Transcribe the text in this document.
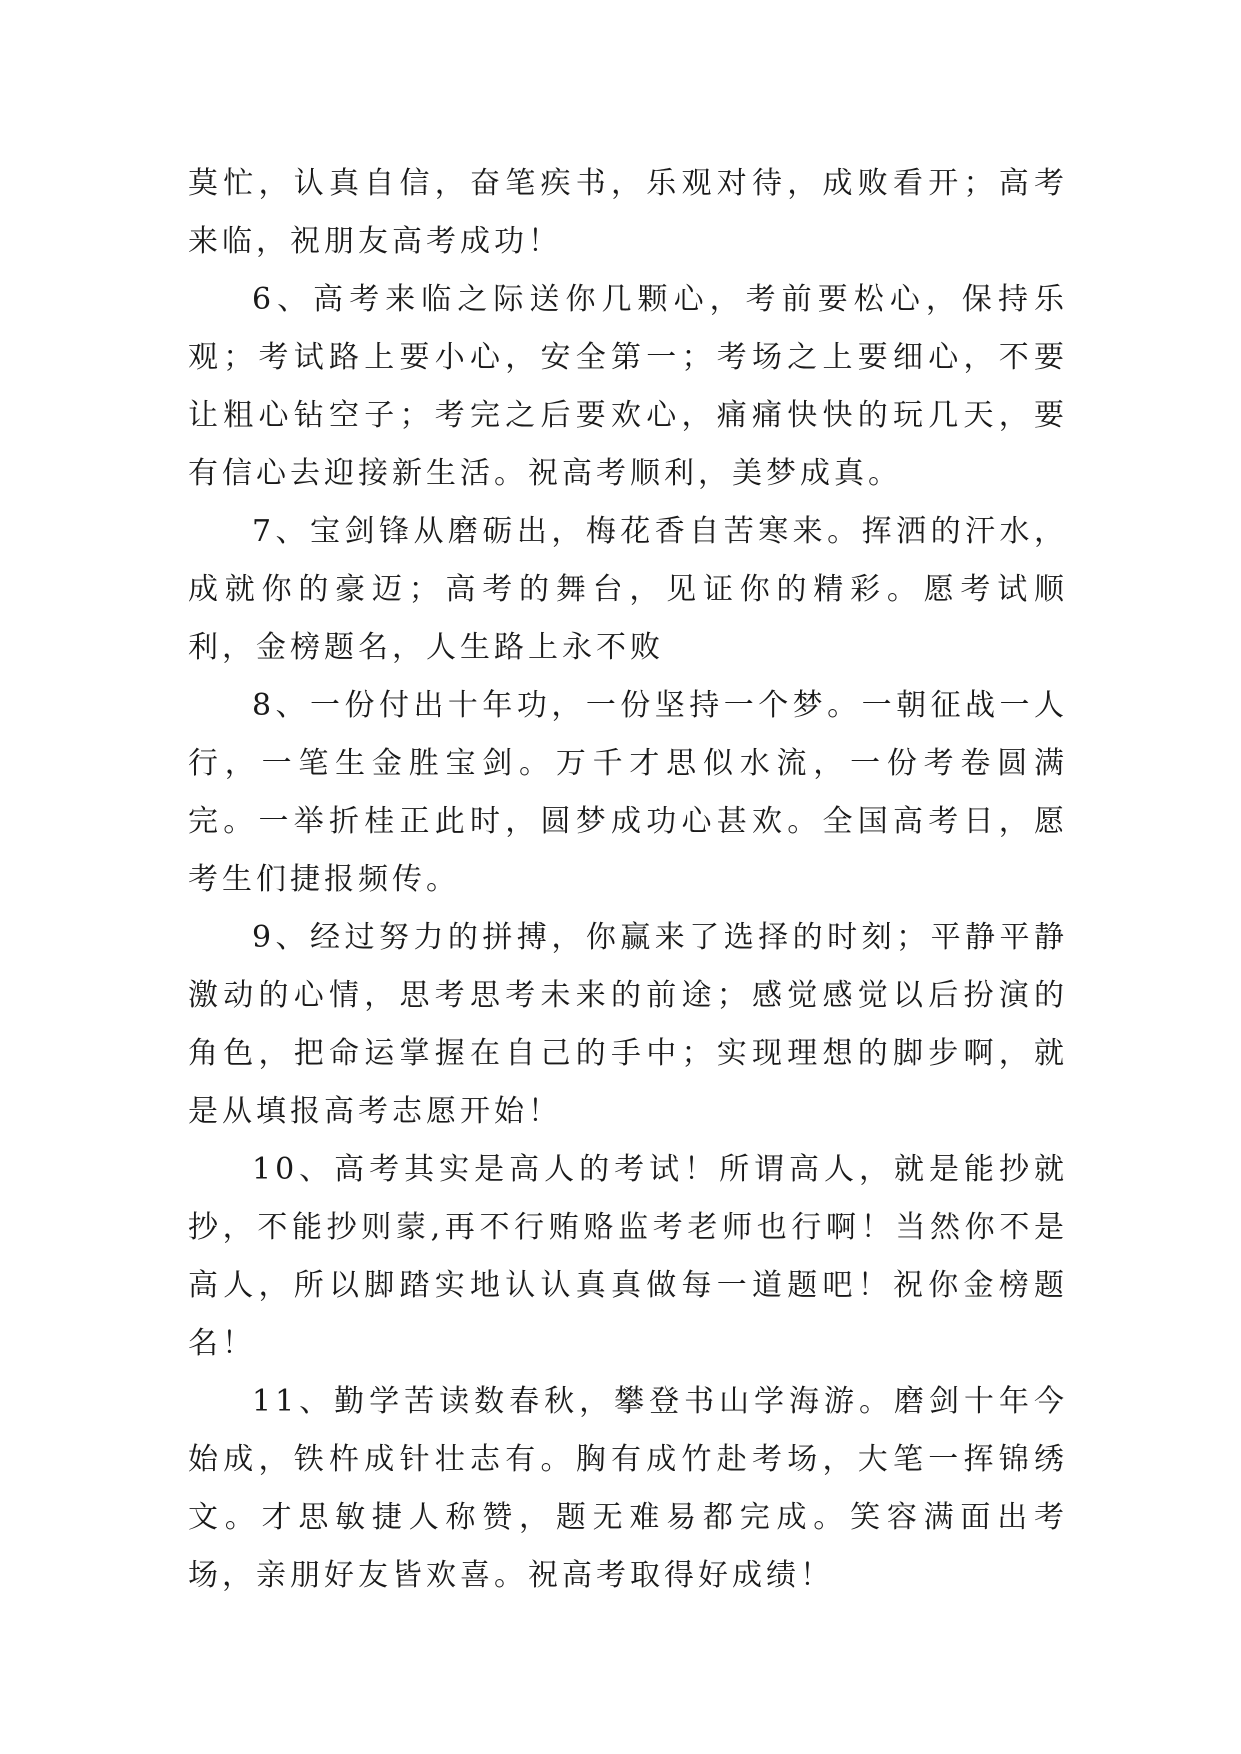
莫忙，认真自信，奋笔疾书，乐观对待，成败看开；高考来临，祝朋友高考成功！

6、高考来临之际送你几颗心，考前要松心，保持乐观；考试路上要小心，安全第一；考场之上要细心，不要让粗心钻空子；考完之后要欢心，痛痛快快的玩几天，要有信心去迎接新生活。祝高考顺利，美梦成真。

7、宝剑锋从磨砺出，梅花香自苦寒来。挥洒的汗水，成就你的豪迈；高考的舞台，见证你的精彩。愿考试顺利，金榜题名，人生路上永不败

8、一份付出十年功，一份坚持一个梦。一朝征战一人行，一笔生金胜宝剑。万千才思似水流，一份考卷圆满完。一举折桂正此时，圆梦成功心甚欢。全国高考日，愿考生们捷报频传。

9、经过努力的拼搏，你赢来了选择的时刻；平静平静激动的心情，思考思考未来的前途；感觉感觉以后扮演的角色，把命运掌握在自己的手中；实现理想的脚步啊，就是从填报高考志愿开始！

10、高考其实是高人的考试！所谓高人，就是能抄就抄，不能抄则蒙,再不行贿赂监考老师也行啊！当然你不是高人，所以脚踏实地认认真真做每一道题吧！祝你金榜题名！

11、勤学苦读数春秋，攀登书山学海游。磨剑十年今始成，铁杵成针壮志有。胸有成竹赴考场，大笔一挥锦绣文。才思敏捷人称赞，题无难易都完成。笑容满面出考场，亲朋好友皆欢喜。祝高考取得好成绩！
